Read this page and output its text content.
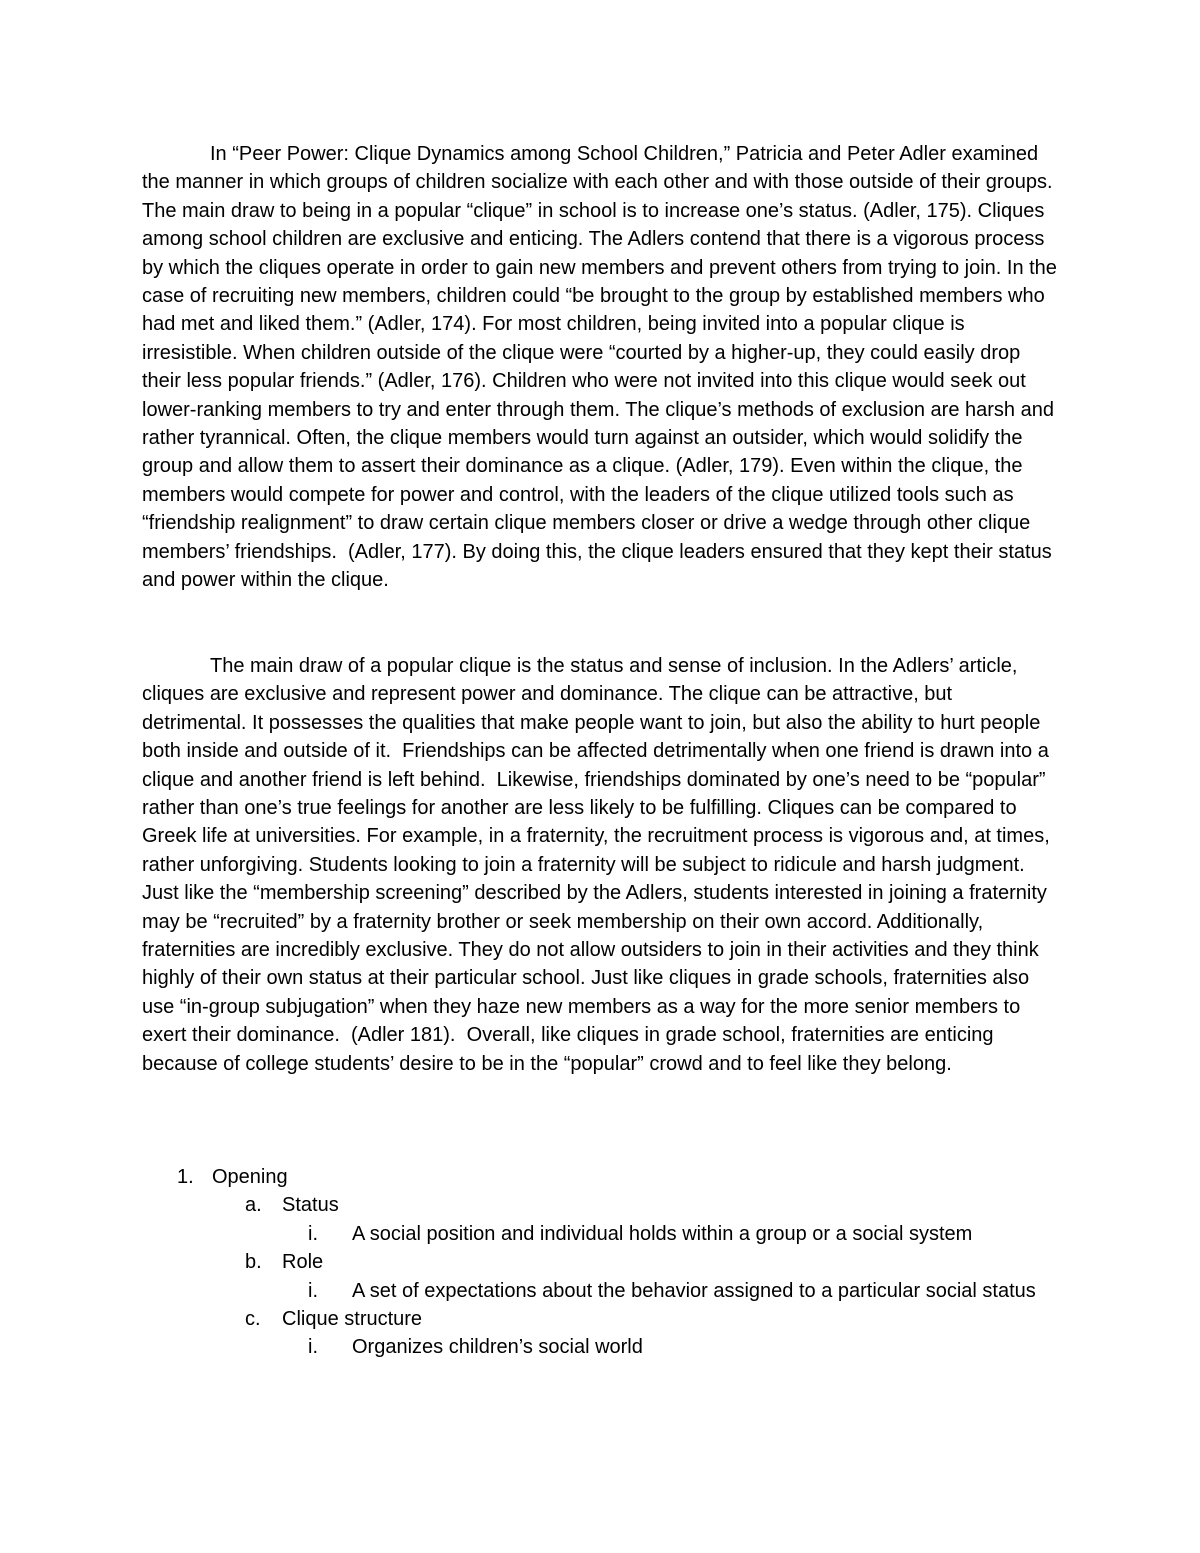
In “Peer Power: Clique Dynamics among School Children,” Patricia and Peter Adler examined the manner in which groups of children socialize with each other and with those outside of their groups. The main draw to being in a popular “clique” in school is to increase one’s status. (Adler, 175). Cliques among school children are exclusive and enticing. The Adlers contend that there is a vigorous process by which the cliques operate in order to gain new members and prevent others from trying to join. In the case of recruiting new members, children could “be brought to the group by established members who had met and liked them.” (Adler, 174). For most children, being invited into a popular clique is irresistible. When children outside of the clique were “courted by a higher-up, they could easily drop their less popular friends.” (Adler, 176). Children who were not invited into this clique would seek out lower-ranking members to try and enter through them. The clique’s methods of exclusion are harsh and rather tyrannical. Often, the clique members would turn against an outsider, which would solidify the group and allow them to assert their dominance as a clique. (Adler, 179). Even within the clique, the members would compete for power and control, with the leaders of the clique utilized tools such as “friendship realignment” to draw certain clique members closer or drive a wedge through other clique members’ friendships.  (Adler, 177). By doing this, the clique leaders ensured that they kept their status and power within the clique.

The main draw of a popular clique is the status and sense of inclusion. In the Adlers’ article, cliques are exclusive and represent power and dominance. The clique can be attractive, but detrimental. It possesses the qualities that make people want to join, but also the ability to hurt people both inside and outside of it.  Friendships can be affected detrimentally when one friend is drawn into a clique and another friend is left behind.  Likewise, friendships dominated by one’s need to be “popular” rather than one’s true feelings for another are less likely to be fulfilling. Cliques can be compared to Greek life at universities. For example, in a fraternity, the recruitment process is vigorous and, at times, rather unforgiving. Students looking to join a fraternity will be subject to ridicule and harsh judgment. Just like the “membership screening” described by the Adlers, students interested in joining a fraternity may be “recruited” by a fraternity brother or seek membership on their own accord. Additionally, fraternities are incredibly exclusive. They do not allow outsiders to join in their activities and they think highly of their own status at their particular school. Just like cliques in grade schools, fraternities also use “in-group subjugation” when they haze new members as a way for the more senior members to exert their dominance.  (Adler 181).  Overall, like cliques in grade school, fraternities are enticing because of college students’ desire to be in the “popular” crowd and to feel like they belong.

1. Opening
a. Status
i. A social position and individual holds within a group or a social system
b. Role
i. A set of expectations about the behavior assigned to a particular social status
c. Clique structure
i. Organizes children’s social world
